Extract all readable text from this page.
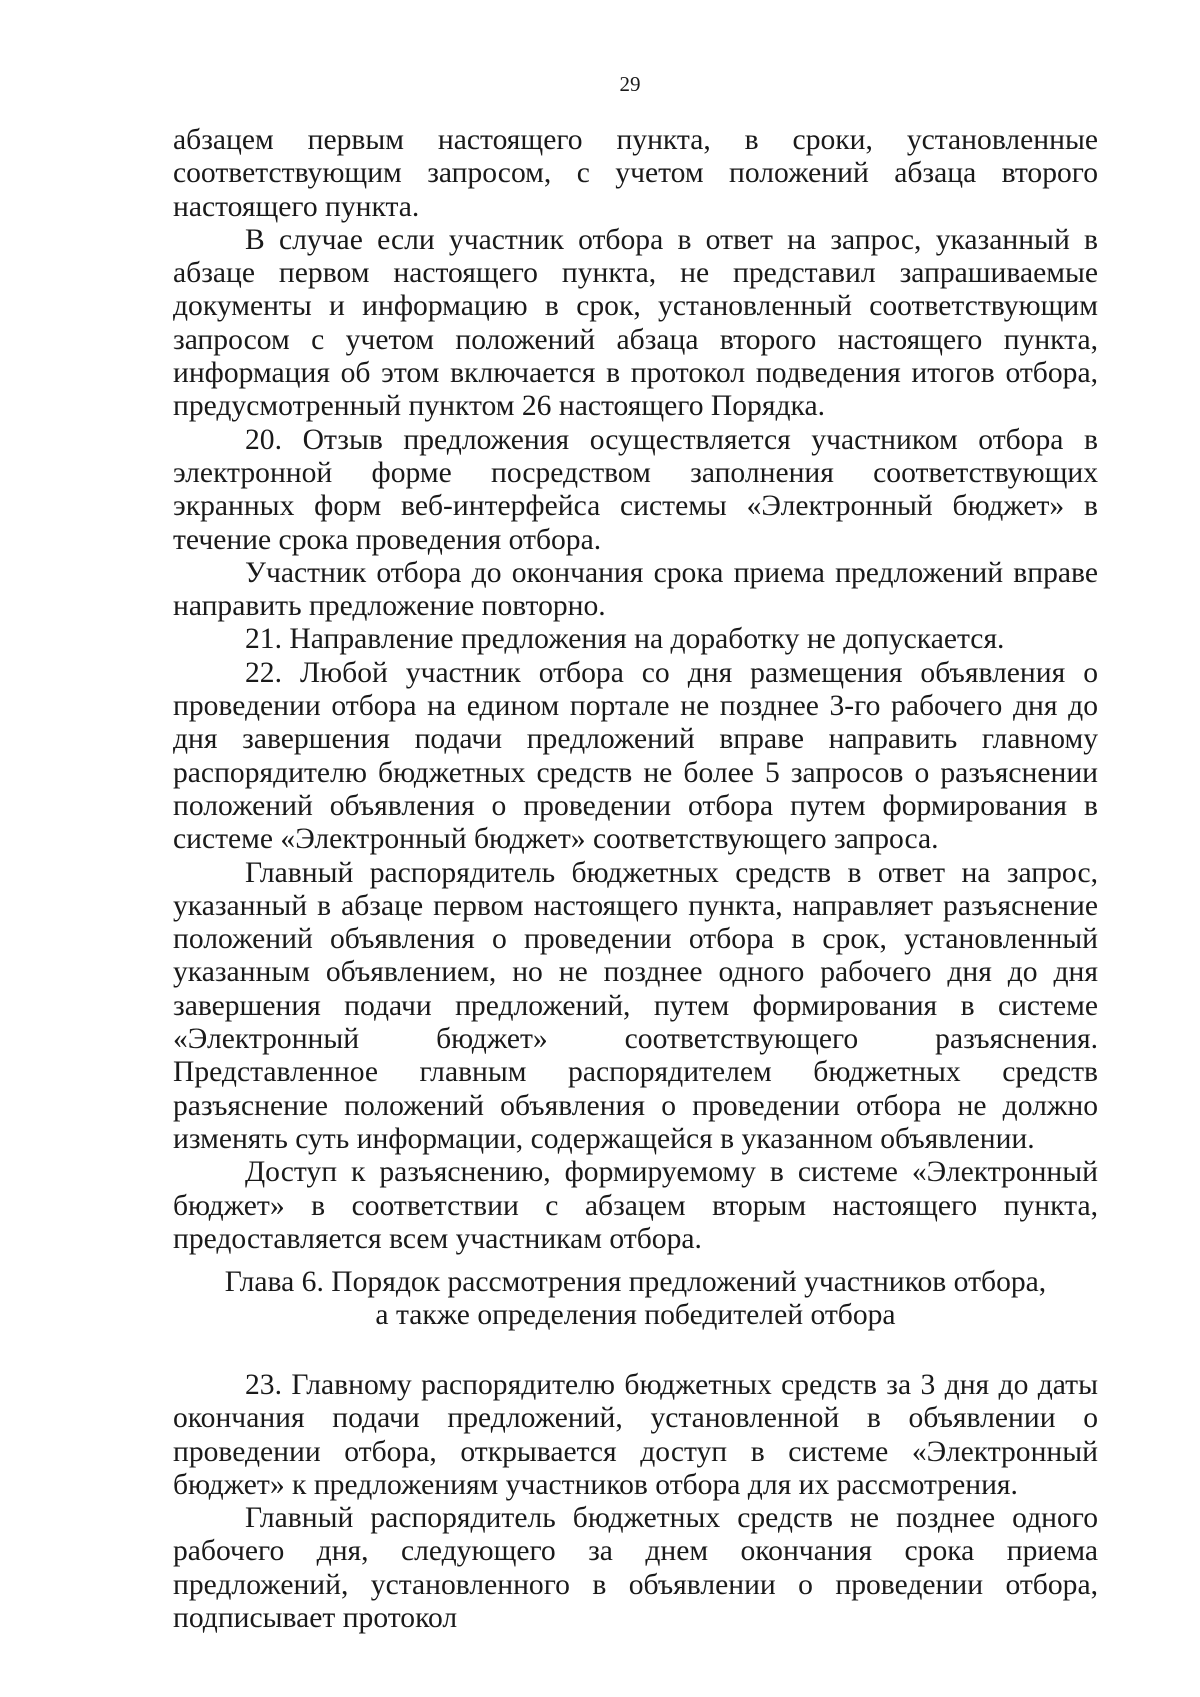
29

абзацем первым настоящего пункта, в сроки, установленные соответствующим запросом, с учетом положений абзаца второго настоящего пункта.

В случае если участник отбора в ответ на запрос, указанный в абзаце первом настоящего пункта, не представил запрашиваемые документы и информацию в срок, установленный соответствующим запросом с учетом положений абзаца второго настоящего пункта, информация об этом включается в протокол подведения итогов отбора, предусмотренный пунктом 26 настоящего Порядка.

20. Отзыв предложения осуществляется участником отбора в электронной форме посредством заполнения соответствующих экранных форм веб-интерфейса системы «Электронный бюджет» в течение срока проведения отбора.

Участник отбора до окончания срока приема предложений вправе направить предложение повторно.

21. Направление предложения на доработку не допускается.

22. Любой участник отбора со дня размещения объявления о проведении отбора на едином портале не позднее 3-го рабочего дня до дня завершения подачи предложений вправе направить главному распорядителю бюджетных средств не более 5 запросов о разъяснении положений объявления о проведении отбора путем формирования в системе «Электронный бюджет» соответствующего запроса.

Главный распорядитель бюджетных средств в ответ на запрос, указанный в абзаце первом настоящего пункта, направляет разъяснение положений объявления о проведении отбора в срок, установленный указанным объявлением, но не позднее одного рабочего дня до дня завершения подачи предложений, путем формирования в системе «Электронный бюджет» соответствующего разъяснения. Представленное главным распорядителем бюджетных средств разъяснение положений объявления о проведении отбора не должно изменять суть информации, содержащейся в указанном объявлении.

Доступ к разъяснению, формируемому в системе «Электронный бюджет» в соответствии с абзацем вторым настоящего пункта, предоставляется всем участникам отбора.

Глава 6. Порядок рассмотрения предложений участников отбора,
а также определения победителей отбора

23. Главному распорядителю бюджетных средств за 3 дня до даты окончания подачи предложений, установленной в объявлении о проведении отбора, открывается доступ в системе «Электронный бюджет» к предложениям участников отбора для их рассмотрения.

Главный распорядитель бюджетных средств не позднее одного рабочего дня, следующего за днем окончания срока приема предложений, установленного в объявлении о проведении отбора, подписывает протокол
